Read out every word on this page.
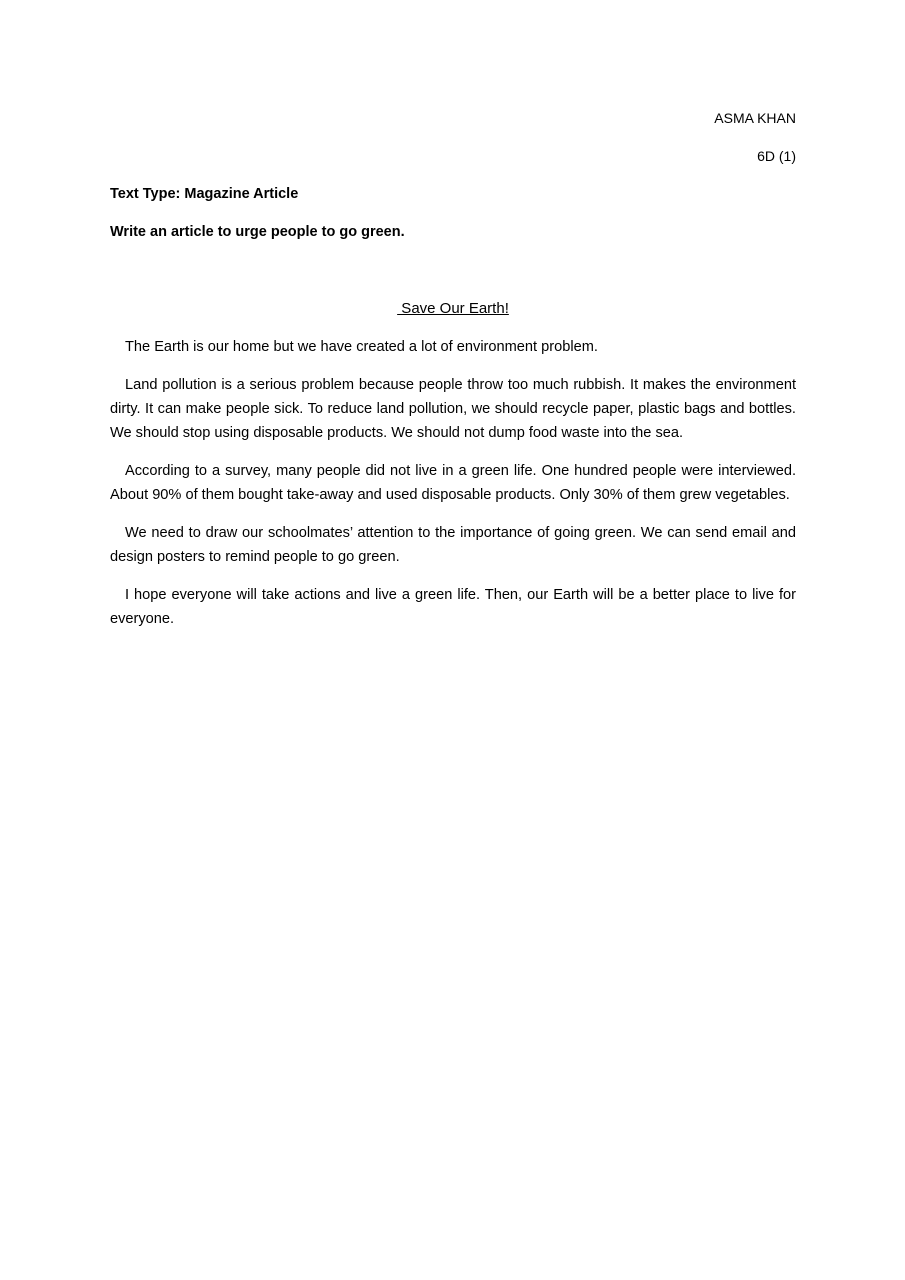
ASMA KHAN

6D (1)

Text Type: Magazine Article

Write an article to urge people to go green.

Save Our Earth!

The Earth is our home but we have created a lot of environment problem.

Land pollution is a serious problem because people throw too much rubbish. It makes the environment dirty. It can make people sick. To reduce land pollution, we should recycle paper, plastic bags and bottles. We should stop using disposable products. We should not dump food waste into the sea.

According to a survey, many people did not live in a green life. One hundred people were interviewed. About 90% of them bought take-away and used disposable products. Only 30% of them grew vegetables.

We need to draw our schoolmates’ attention to the importance of going green. We can send email and design posters to remind people to go green.

I hope everyone will take actions and live a green life. Then, our Earth will be a better place to live for everyone.
